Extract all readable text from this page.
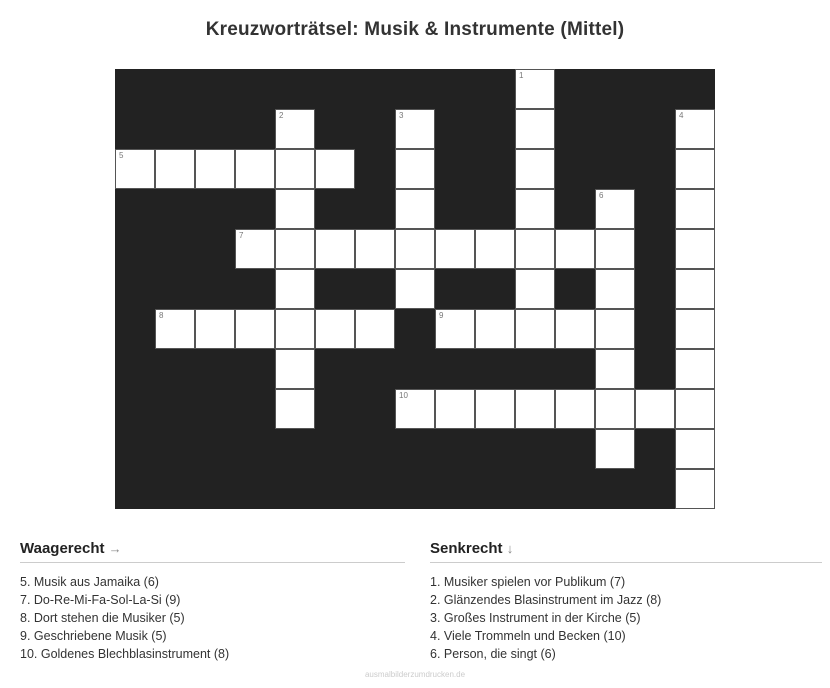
Kreuzworträtsel: Musik & Instrumente (Mittel)
1
2	3	4
5
6
7
8	9
10
Waagerecht →
5. Musik aus Jamaika (6)
7. Do-Re-Mi-Fa-Sol-La-Si (9)
8. Dort stehen die Musiker (5)
9. Geschriebene Musik (5)
10. Goldenes Blechblasinstrument (8)
Senkrecht ↓
1. Musiker spielen vor Publikum (7)
2. Glänzendes Blasinstrument im Jazz (8)
3. Großes Instrument in der Kirche (5)
4. Viele Trommeln und Becken (10)
6. Person, die singt (6)
ausmalbilderzumdrucken.de
